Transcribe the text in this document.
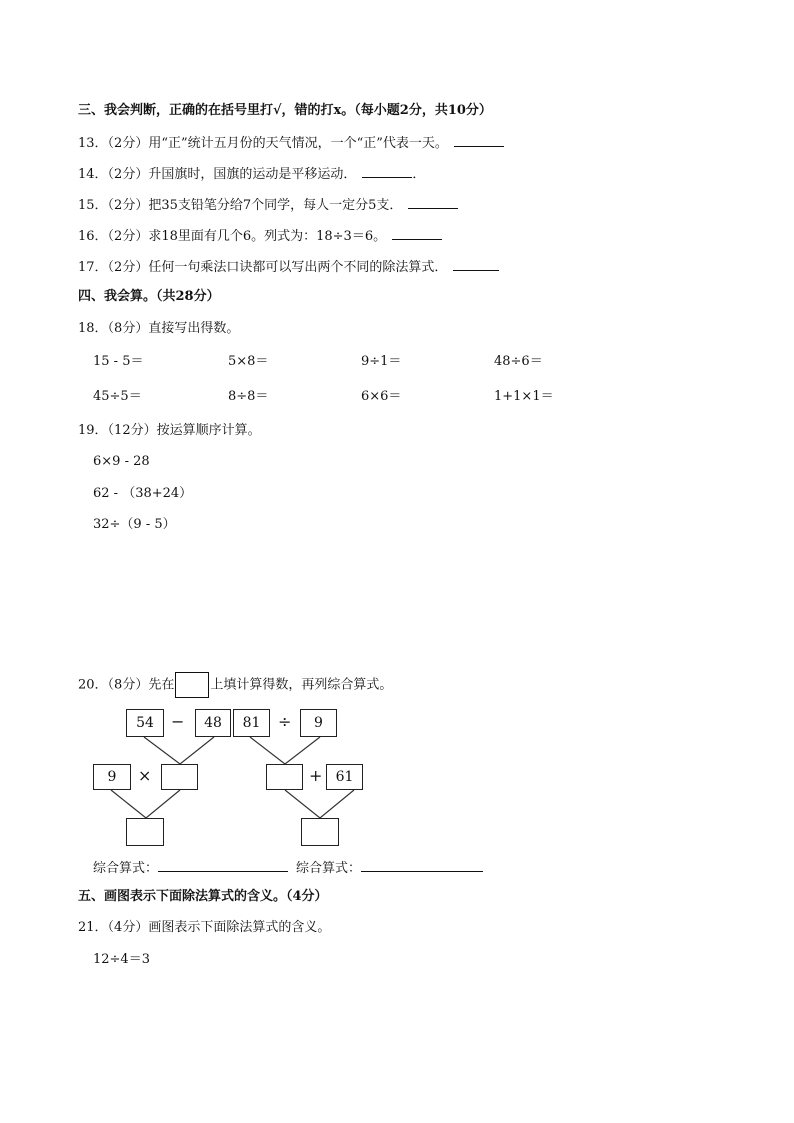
三、我会判断，正确的在括号里打√，错的打x。（每小题2分，共10分）
13．（2分）用“正”统计五月份的天气情况，一个“正”代表一天。
14．（2分）升国旗时，国旗的运动是平移运动．	．
15．（2分）把35支铅笔分给7个同学，每人一定分5支．
16．（2分）求18里面有几个6。列式为：18÷3＝6。
17．（2分）任何一句乘法口诀都可以写出两个不同的除法算式．
四、我会算。（共28分）
18．（8分）直接写出得数。
15 - 5＝	5×8＝	9÷1＝	48÷6＝
45÷5＝	8÷8＝	6×6＝	1+1×1＝
19．（12分）按运算顺序计算。
6×9 - 28
62 - （38+24）
32÷（9 - 5）
20．（8分）先在	上填计算得数，再列综合算式。
54	−	48
9	×
81	÷	9
+ 61
综合算式：	综合算式：
五、画图表示下面除法算式的含义。（4分）
21．（4分）画图表示下面除法算式的含义。
12÷4＝3
